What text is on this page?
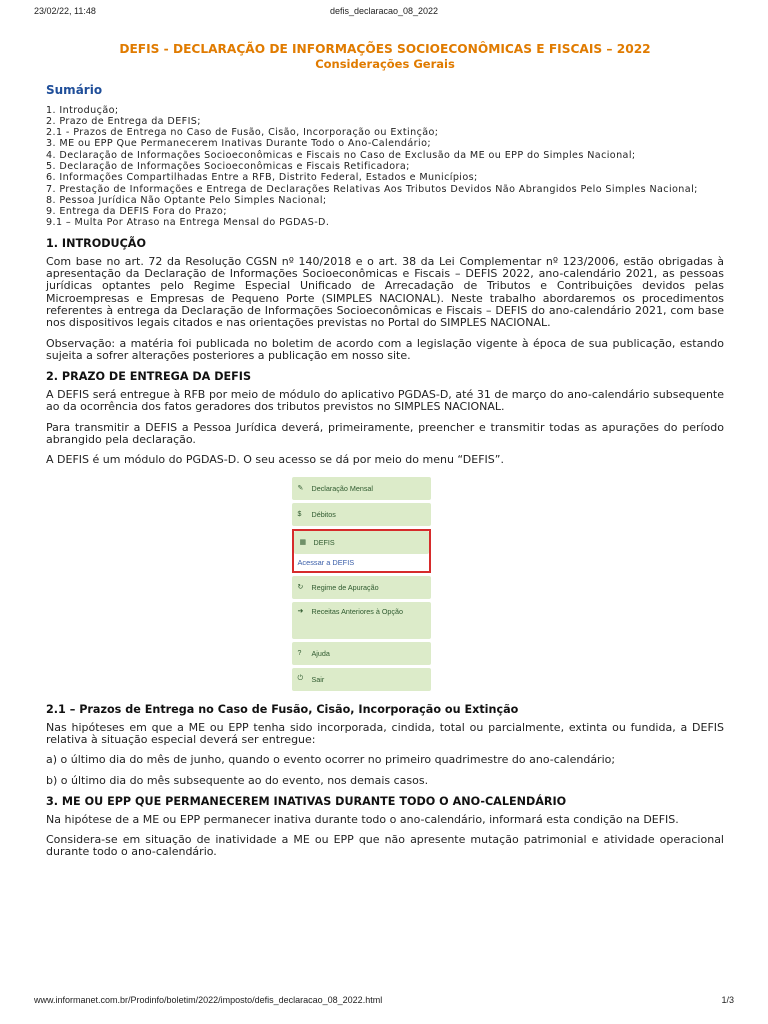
23/02/22, 11:48	defis_declaracao_08_2022
DEFIS - DECLARAÇÃO DE INFORMAÇÕES SOCIOECONÔMICAS E FISCAIS – 2022
Considerações Gerais
Sumário
1. Introdução;
2. Prazo de Entrega da DEFIS;
2.1 - Prazos de Entrega no Caso de Fusão, Cisão, Incorporação ou Extinção;
3. ME ou EPP Que Permanecerem Inativas Durante Todo o Ano-Calendário;
4. Declaração de Informações Socioeconômicas e Fiscais no Caso de Exclusão da ME ou EPP do Simples Nacional;
5. Declaração de Informações Socioeconômicas e Fiscais Retificadora;
6. Informações Compartilhadas Entre a RFB, Distrito Federal, Estados e Municípios;
7. Prestação de Informações e Entrega de Declarações Relativas Aos Tributos Devidos Não Abrangidos Pelo Simples Nacional;
8. Pessoa Jurídica Não Optante Pelo Simples Nacional;
9. Entrega da DEFIS Fora do Prazo;
9.1 – Multa Por Atraso na Entrega Mensal do PGDAS-D.
1. INTRODUÇÃO

Com base no art. 72 da Resolução CGSN nº 140/2018 e o art. 38 da Lei Complementar nº 123/2006, estão obrigadas à apresentação da Declaração de Informações Socioeconômicas e Fiscais – DEFIS 2022, ano-calendário 2021, as pessoas jurídicas optantes pelo Regime Especial Unificado de Arrecadação de Tributos e Contribuições devidos pelas Microempresas e Empresas de Pequeno Porte (SIMPLES NACIONAL). Neste trabalho abordaremos os procedimentos referentes à entrega da Declaração de Informações Socioeconômicas e Fiscais – DEFIS do ano-calendário 2021, com base nos dispositivos legais citados e nas orientações previstas no Portal do SIMPLES NACIONAL.

Observação: a matéria foi publicada no boletim de acordo com a legislação vigente à época de sua publicação, estando sujeita a sofrer alterações posteriores a publicação em nosso site.

2. PRAZO DE ENTREGA DA DEFIS

A DEFIS será entregue à RFB por meio de módulo do aplicativo PGDAS-D, até 31 de março do ano-calendário subsequente ao da ocorrência dos fatos geradores dos tributos previstos no SIMPLES NACIONAL.

Para transmitir a DEFIS a Pessoa Jurídica deverá, primeiramente, preencher e transmitir todas as apurações do período abrangido pela declaração.

A DEFIS é um módulo do PGDAS-D. O seu acesso se dá por meio do menu “DEFIS”.

✎	Declaração Mensal
$	Débitos
▦	DEFIS
Acessar a DEFIS
↻	Regime de Apuração
➜	Receitas Anteriores à Opção
?	Ajuda
⏻	Sair
2.1 – Prazos de Entrega no Caso de Fusão, Cisão, Incorporação ou Extinção

Nas hipóteses em que a ME ou EPP tenha sido incorporada, cindida, total ou parcialmente, extinta ou fundida, a DEFIS relativa à situação especial deverá ser entregue:

a) o último dia do mês de junho, quando o evento ocorrer no primeiro quadrimestre do ano-calendário;

b) o último dia do mês subsequente ao do evento, nos demais casos.

3. ME OU EPP QUE PERMANECEREM INATIVAS DURANTE TODO O ANO-CALENDÁRIO

Na hipótese de a ME ou EPP permanecer inativa durante todo o ano-calendário, informará esta condição na DEFIS.

Considera-se em situação de inatividade a ME ou EPP que não apresente mutação patrimonial e atividade operacional durante todo o ano-calendário.

www.informanet.com.br/Prodinfo/boletim/2022/imposto/defis_declaracao_08_2022.html	1/3
